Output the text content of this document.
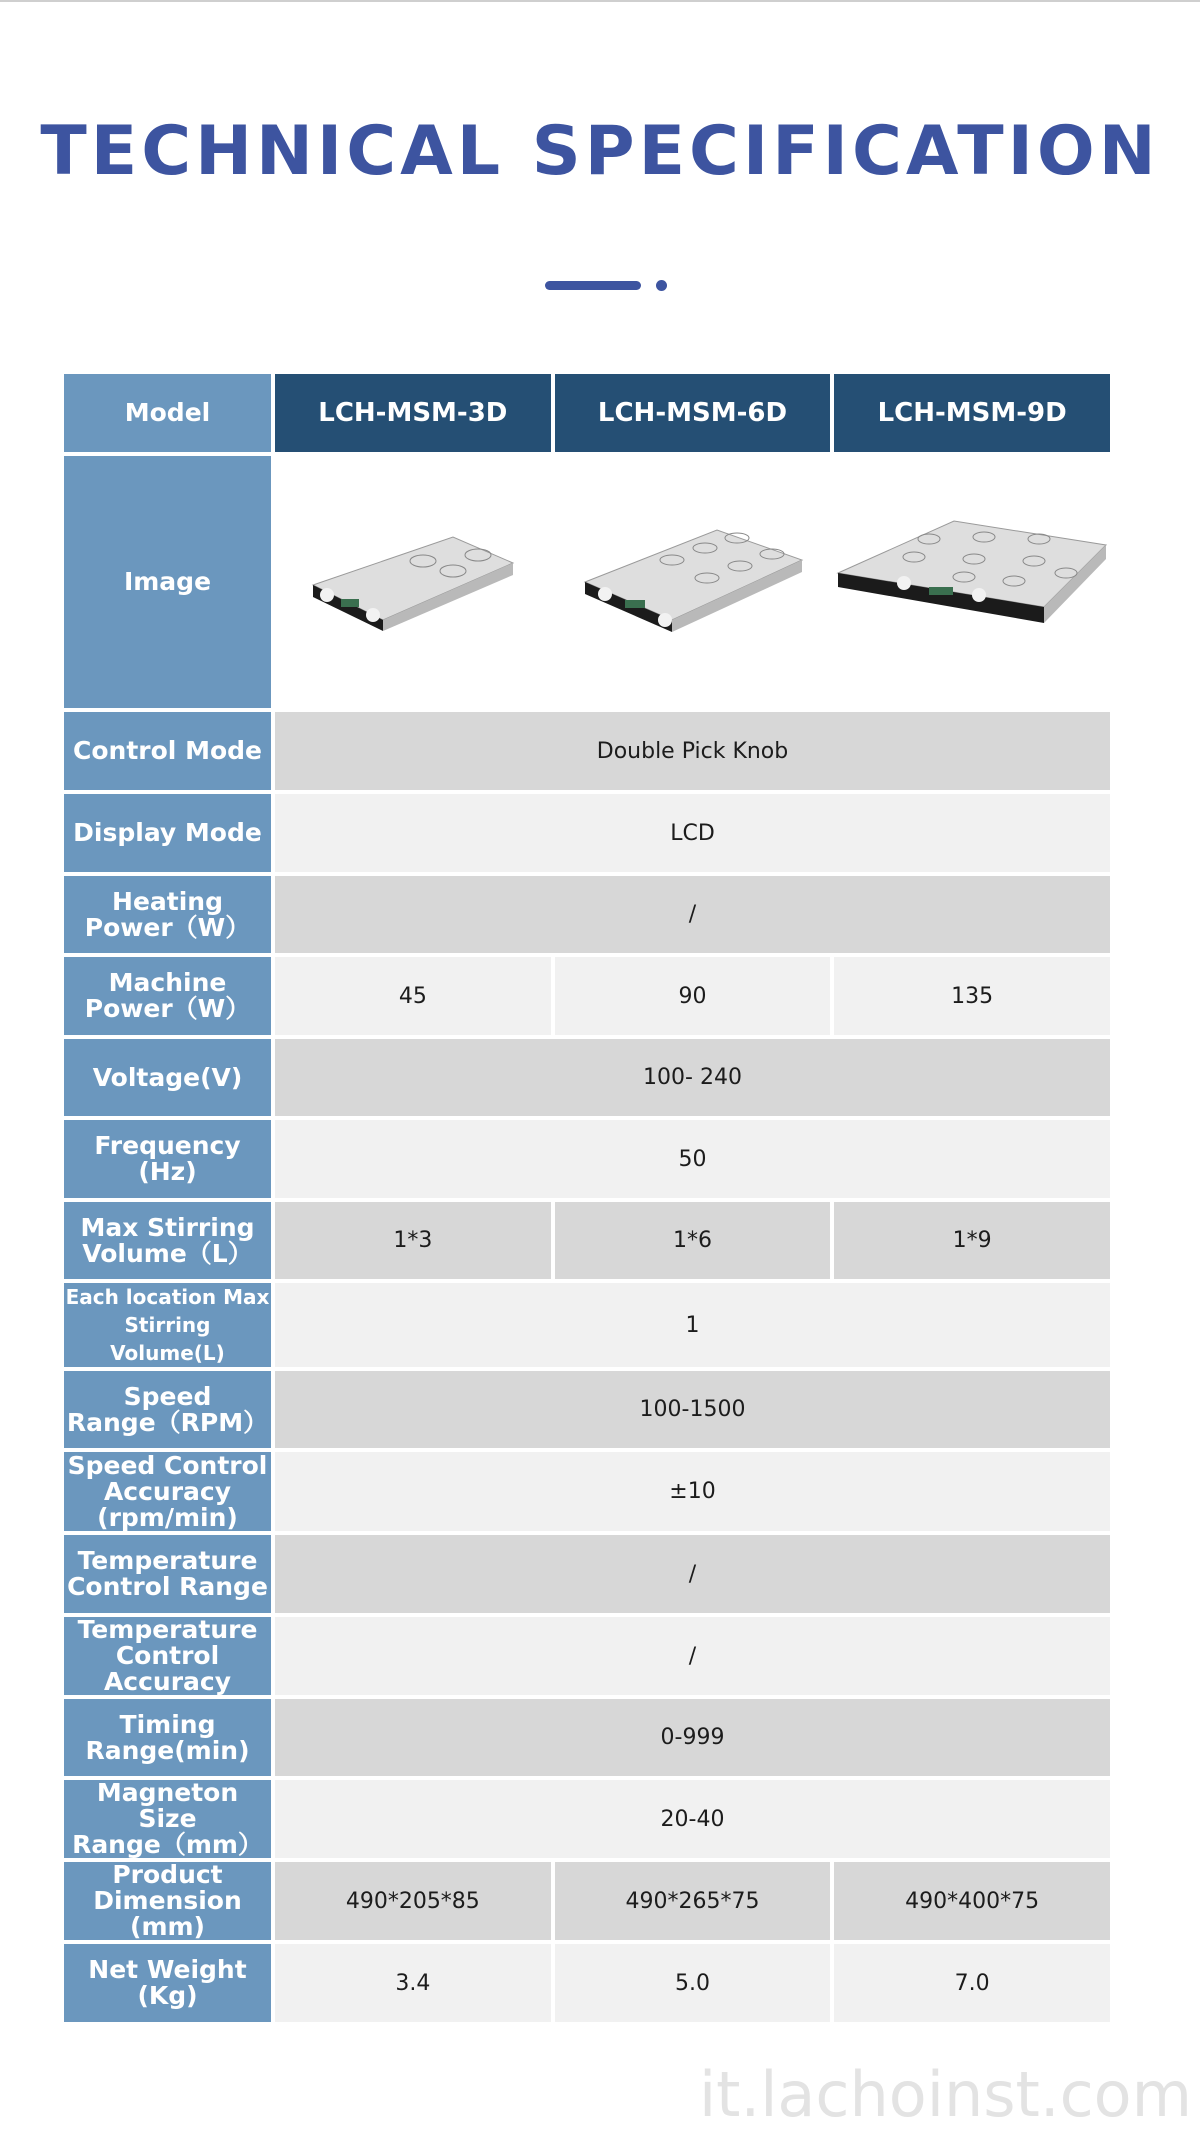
TECHNICAL SPECIFICATION
Model	LCH-MSM-3D	LCH-MSM-6D	LCH-MSM-9D
Image			
Control Mode	Double Pick Knob		
Display Mode	LCD		
Heating
Power（W）	/		
Machine
Power（W）	45	90	135
Voltage(V)	100- 240		
Frequency
(Hz)	50		
Max Stirring
Volume（L）	1*3	1*6	1*9
Each location Max
Stirring Volume(L)	1		
Speed
Range（RPM）	100-1500		
Speed Control
Accuracy
(rpm/min)	±10		
Temperature
Control Range	/		
Temperature
Control
Accuracy	/		
Timing
Range(min)	0-999		
Magneton Size
Range（mm）	20-40		
Product
Dimension
(mm)	490*205*85	490*265*75	490*400*75
Net Weight
(Kg)	3.4	5.0	7.0
it.lachoinst.com
